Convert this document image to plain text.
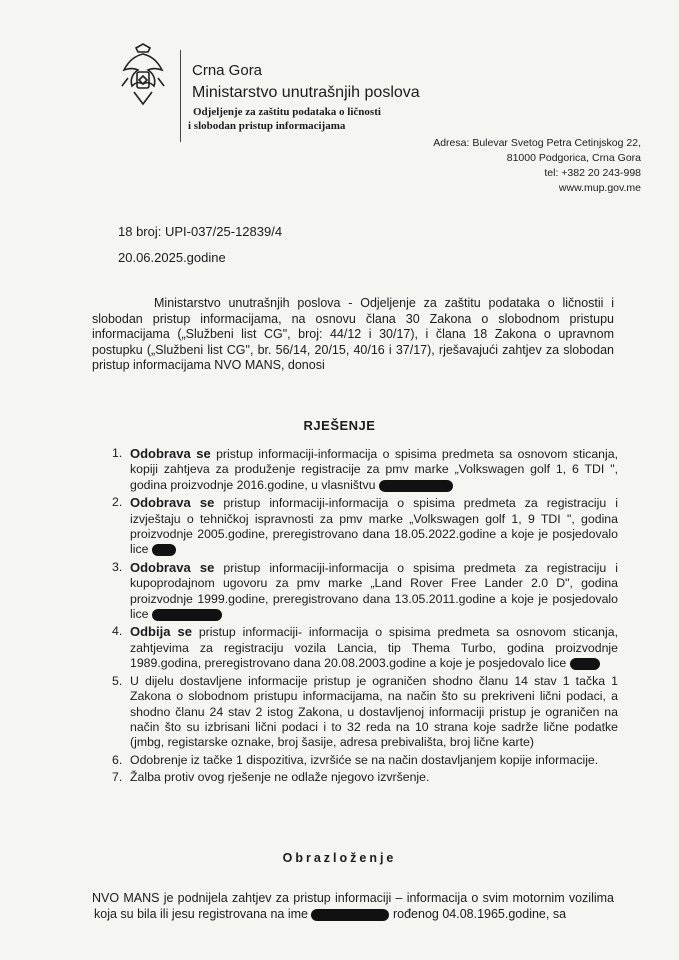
Crna Gora
Ministarstvo unutrašnjih poslova
Odjeljenje za zaštitu podataka o ličnosti
i slobodan pristup informacijama
Adresa: Bulevar Svetog Petra Cetinjskog 22,
81000 Podgorica, Crna Gora
tel: +382 20 243-998
www.mup.gov.me
18 broj: UPI-037/25-12839/4
20.06.2025.godine
Ministarstvo unutrašnjih poslova - Odjeljenje za zaštitu podataka o ličnostii i slobodan pristup informacijama, na osnovu člana 30 Zakona o slobodnom pristupu informacijama („Službeni list CG", broj: 44/12 i 30/17), i člana 18 Zakona o upravnom postupku („Službeni list CG", br. 56/14, 20/15, 40/16 i 37/17), rješavajući zahtjev za slobodan pristup informacijama NVO MANS, donosi
RJEŠENJE
1. Odobrava se pristup informaciji-informacija o spisima predmeta sa osnovom sticanja, kopiji zahtjeva za produženje registracije za pmv marke „Volkswagen golf 1, 6 TDI ", godina proizvodnje 2016.godine, u vlasništvu
2. Odobrava se pristup informaciji-informacija o spisima predmeta za registraciju i izvještaju o tehničkoj ispravnosti za pmv marke „Volkswagen golf 1, 9 TDI ", godina proizvodnje 2005.godine, preregistrovano dana 18.05.2022.godine a koje je posjedovalo lice
3. Odobrava se pristup informaciji-informacija o spisima predmeta za registraciju i kupoprodajnom ugovoru za pmv marke „Land Rover Free Lander 2.0 D", godina proizvodnje 1999.godine, preregistrovano dana 13.05.2011.godine a koje je posjedovalo lice
4. Odbija se pristup informaciji- informacija o spisima predmeta sa osnovom sticanja, zahtjevima za registraciju vozila Lancia, tip Thema Turbo, godina proizvodnje 1989.godina, preregistrovano dana 20.08.2003.godine a koje je posjedovalo lice
5. U dijelu dostavljene informacije pristup je ograničen shodno članu 14 stav 1 tačka 1 Zakona o slobodnom pristupu informacijama, na način što su prekriveni lični podaci, a shodno članu 24 stav 2 istog Zakona, u dostavljenoj informaciji pristup je ograničen na način što su izbrisani lični podaci i to 32 reda na 10 strana koje sadrže lične podatke (jmbg, registarske oznake, broj šasije, adresa prebivališta, broj lične karte)
6. Odobrenje iz tačke 1 dispozitiva, izvršiće se na način dostavljanjem kopije informacije.
7. Žalba protiv ovog rješenje ne odlaže njegovo izvršenje.
Obrazloženje
NVO MANS je podnijela zahtjev za pristup informaciji – informacija o svim motornim vozilima koja su bila ili jesu registrovana na ime	rođenog 04.08.1965.godine, sa
